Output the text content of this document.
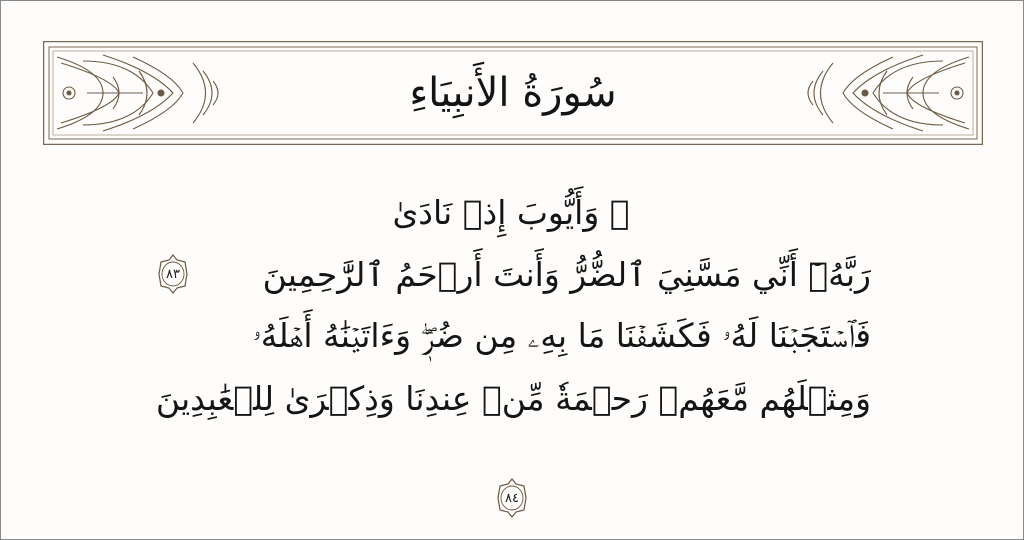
سُورَةُ الأَنبِيَاءِ
۞ وَأَيُّوبَ إِذۡ نَادَىٰ
رَبَّهُۥٓ أَنِّي مَسَّنِيَ ٱلضُّرُّ وَأَنتَ أَرۡحَمُ ٱلرَّٰحِمِينَ
٨٣
فَٱسۡتَجَبۡنَا لَهُۥ فَكَشَفۡنَا مَا بِهِۦ مِن ضُرّٖۖ وَءَاتَيۡنَٰهُ أَهۡلَهُۥ
وَمِثۡلَهُم مَّعَهُمۡ رَحۡمَةٗ مِّنۡ عِندِنَا وَذِكۡرَىٰ لِلۡعَٰبِدِينَ
٨٤
